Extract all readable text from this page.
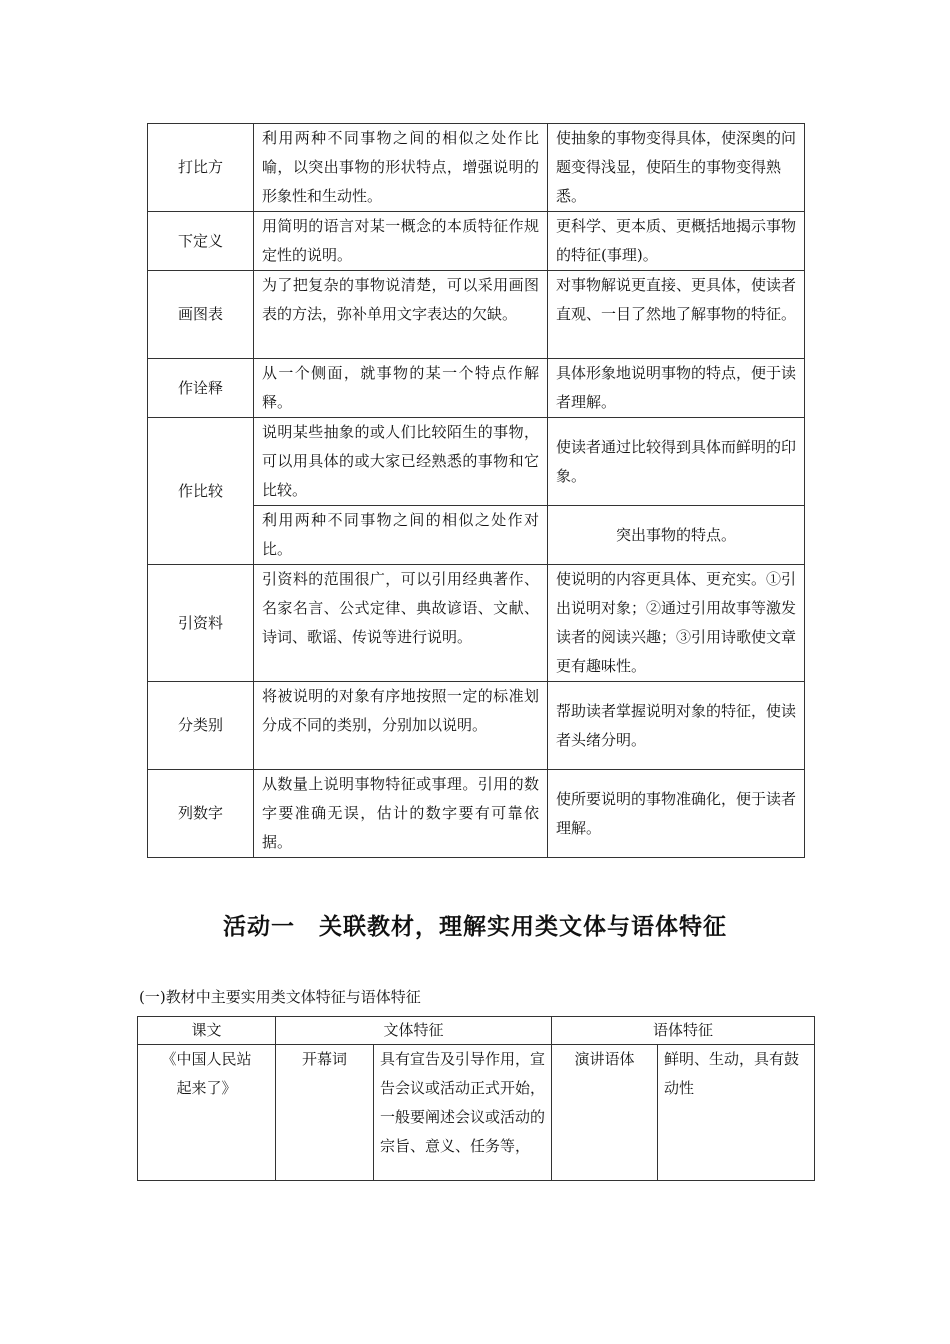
打比方	利用两种不同事物之间的相似之处作比喻，以突出事物的形状特点，增强说明的形象性和生动性。	使抽象的事物变得具体，使深奥的问题变得浅显，使陌生的事物变得熟悉。
下定义	用简明的语言对某一概念的本质特征作规定性的说明。	更科学、更本质、更概括地揭示事物的特征(事理)。
画图表	为了把复杂的事物说清楚，可以采用画图表的方法，弥补单用文字表达的欠缺。	对事物解说更直接、更具体，使读者直观、一目了然地了解事物的特征。
作诠释	从一个侧面，就事物的某一个特点作解释。	具体形象地说明事物的特点，便于读者理解。
作比较	说明某些抽象的或人们比较陌生的事物，可以用具体的或大家已经熟悉的事物和它比较。	使读者通过比较得到具体而鲜明的印象。
	利用两种不同事物之间的相似之处作对比。	突出事物的特点。
引资料	引资料的范围很广，可以引用经典著作、名家名言、公式定律、典故谚语、文献、诗词、歌谣、传说等进行说明。	使说明的内容更具体、更充实。①引出说明对象；②通过引用故事等激发读者的阅读兴趣；③引用诗歌使文章更有趣味性。
分类别	将被说明的对象有序地按照一定的标准划分成不同的类别，分别加以说明。	帮助读者掌握说明对象的特征，使读者头绪分明。
列数字	从数量上说明事物特征或事理。引用的数字要准确无误，估计的数字要有可靠依据。	使所要说明的事物准确化，便于读者理解。
活动一　关联教材，理解实用类文体与语体特征
(一)教材中主要实用类文体特征与语体特征
课文	文体特征		语体特征	
《中国人民站起来了》	开幕词	具有宣告及引导作用，宣告会议或活动正式开始，一般要阐述会议或活动的宗旨、意义、任务等，	演讲语体	鲜明、生动，具有鼓动性
